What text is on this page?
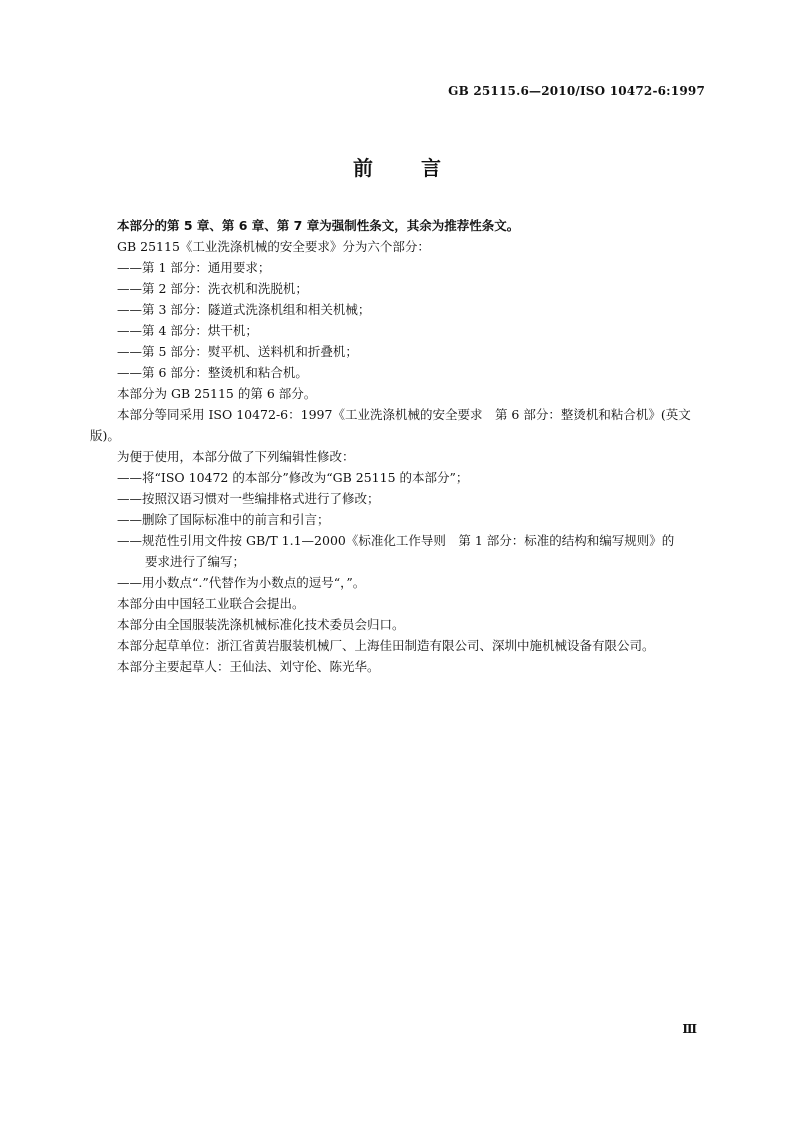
GB 25115.6—2010/ISO 10472-6:1997
前 言
本部分的第 5 章、第 6 章、第 7 章为强制性条文，其余为推荐性条文。
GB 25115《工业洗涤机械的安全要求》分为六个部分：
——第 1 部分：通用要求；
——第 2 部分：洗衣机和洗脱机；
——第 3 部分：隧道式洗涤机组和相关机械；
——第 4 部分：烘干机；
——第 5 部分：熨平机、送料机和折叠机；
——第 6 部分：整烫机和粘合机。
本部分为 GB 25115 的第 6 部分。
本部分等同采用 ISO 10472-6：1997《工业洗涤机械的安全要求　第 6 部分：整烫机和粘合机》(英文
版)。
为便于使用，本部分做了下列编辑性修改：
——将“ISO 10472 的本部分”修改为“GB 25115 的本部分”；
——按照汉语习惯对一些编排格式进行了修改；
——删除了国际标准中的前言和引言；
——规范性引用文件按 GB/T 1.1—2000《标准化工作导则　第 1 部分：标准的结构和编写规则》的
要求进行了编写；
——用小数点“.”代替作为小数点的逗号“，”。
本部分由中国轻工业联合会提出。
本部分由全国服装洗涤机械标准化技术委员会归口。
本部分起草单位：浙江省黄岩服装机械厂、上海佳田制造有限公司、深圳中施机械设备有限公司。
本部分主要起草人：王仙法、刘守伦、陈光华。
Ⅲ
